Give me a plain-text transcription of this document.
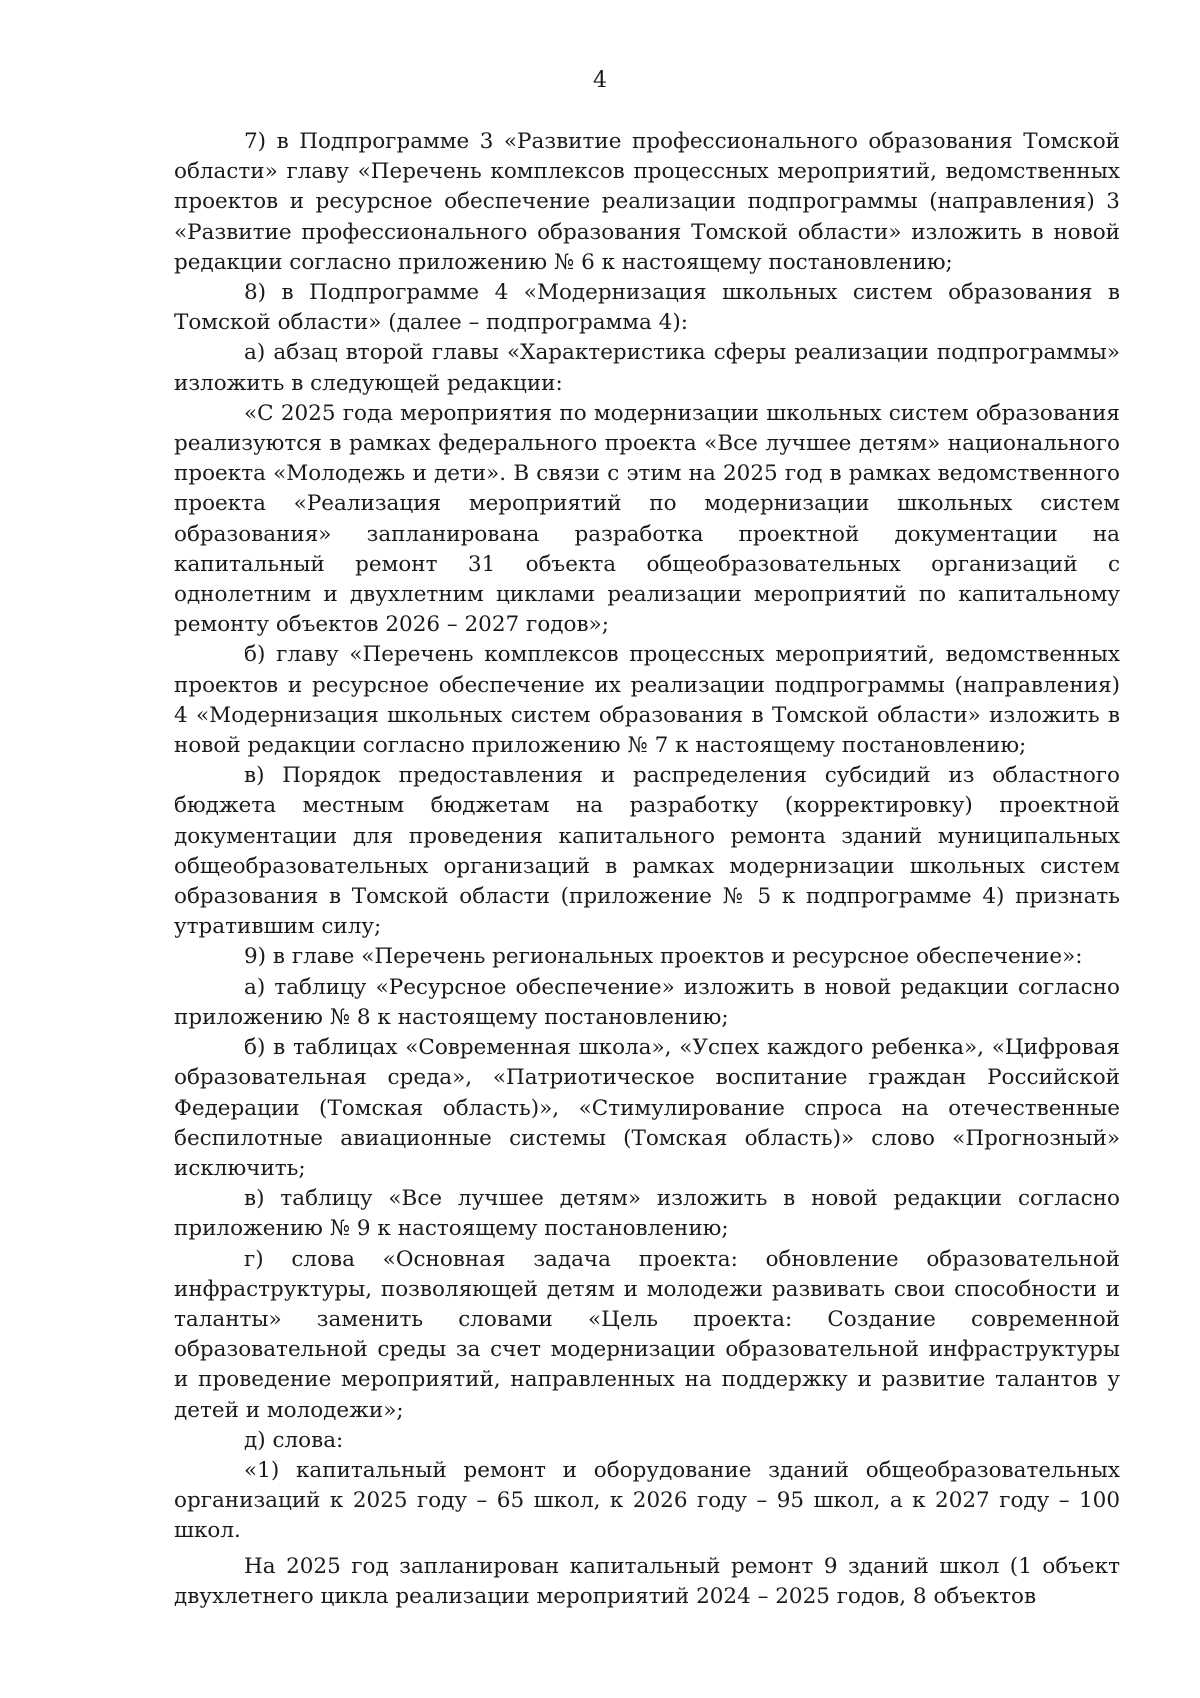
4

7) в Подпрограмме 3 «Развитие профессионального образования Томской области» главу «Перечень комплексов процессных мероприятий, ведомственных проектов и ресурсное обеспечение реализации подпрограммы (направления) 3 «Развитие профессионального образования Томской области» изложить в новой редакции согласно приложению № 6 к настоящему постановлению;

8) в Подпрограмме 4 «Модернизация школьных систем образования в Томской области» (далее – подпрограмма 4):

а) абзац второй главы «Характеристика сферы реализации подпрограммы» изложить в следующей редакции:

«С 2025 года мероприятия по модернизации школьных систем образования реализуются в рамках федерального проекта «Все лучшее детям» национального проекта «Молодежь и дети». В связи с этим на 2025 год в рамках ведомственного проекта «Реализация мероприятий по модернизации школьных систем образования» запланирована разработка проектной документации на капитальный ремонт 31 объекта общеобразовательных организаций с однолетним и двухлетним циклами реализации мероприятий по капитальному ремонту объектов 2026 – 2027 годов»;

б) главу «Перечень комплексов процессных мероприятий, ведомственных проектов и ресурсное обеспечение их реализации подпрограммы (направления) 4 «Модернизация школьных систем образования в Томской области» изложить в новой редакции согласно приложению № 7 к настоящему постановлению;

в) Порядок предоставления и распределения субсидий из областного бюджета местным бюджетам на разработку (корректировку) проектной документации для проведения капитального ремонта зданий муниципальных общеобразовательных организаций в рамках модернизации школьных систем образования в Томской области (приложение № 5 к подпрограмме 4) признать утратившим силу;

9) в главе «Перечень региональных проектов и ресурсное обеспечение»:

а) таблицу «Ресурсное обеспечение» изложить в новой редакции согласно приложению № 8 к настоящему постановлению;

б) в таблицах «Современная школа», «Успех каждого ребенка», «Цифровая образовательная среда», «Патриотическое воспитание граждан Российской Федерации (Томская область)», «Стимулирование спроса на отечественные беспилотные авиационные системы (Томская область)» слово «Прогнозный» исключить;

в) таблицу «Все лучшее детям» изложить в новой редакции согласно приложению № 9 к настоящему постановлению;

г) слова «Основная задача проекта: обновление образовательной инфраструктуры, позволяющей детям и молодежи развивать свои способности и таланты» заменить словами «Цель проекта: Создание современной образовательной среды за счет модернизации образовательной инфраструктуры и проведение мероприятий, направленных на поддержку и развитие талантов у детей и молодежи»;

д) слова:

«1) капитальный ремонт и оборудование зданий общеобразовательных организаций к 2025 году – 65 школ, к 2026 году – 95 школ, а к 2027 году – 100 школ.

На 2025 год запланирован капитальный ремонт 9 зданий школ (1 объект двухлетнего цикла реализации мероприятий 2024 – 2025 годов, 8 объектов
